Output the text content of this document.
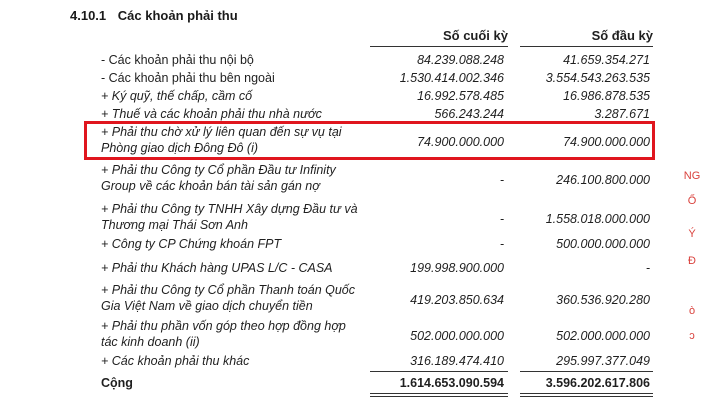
4.10.1 Các khoản phải thu
Số cuối kỳ	Số đầu kỳ
- Các khoản phải thu nội bộ	84.239.088.248	41.659.354.271
- Các khoản phải thu bên ngoài	1.530.414.002.346	3.554.543.263.535
+ Ký quỹ, thế chấp, cầm cố	16.992.578.485	16.986.878.535
+ Thuế và các khoản phải thu nhà nước	566.243.244	3.287.671
+ Phải thu chờ xử lý liên quan đến sự vụ tại Phòng giao dịch Đông Đô (i)	74.900.000.000	74.900.000.000
+ Phải thu Công ty Cổ phần Đầu tư Infinity Group về các khoản bán tài sản gán nợ	-	246.100.800.000
+ Phải thu Công ty TNHH Xây dựng Đầu tư và Thương mại Thái Sơn Anh	-	1.558.018.000.000
+ Công ty CP Chứng khoán FPT	-	500.000.000.000
+ Phải thu Khách hàng UPAS L/C - CASA	199.998.900.000	-
+ Phải thu Công ty Cổ phần Thanh toán Quốc Gia Việt Nam về giao dịch chuyển tiền	419.203.850.634	360.536.920.280
+ Phải thu phần vốn góp theo hợp đồng hợp tác kinh doanh (ii)	502.000.000.000	502.000.000.000
+ Các khoản phải thu khác	316.189.474.410	295.997.377.049
Cộng	1.614.653.090.594	3.596.202.617.806
NG
Ổ
Ý
Đ
ò
ɔ
